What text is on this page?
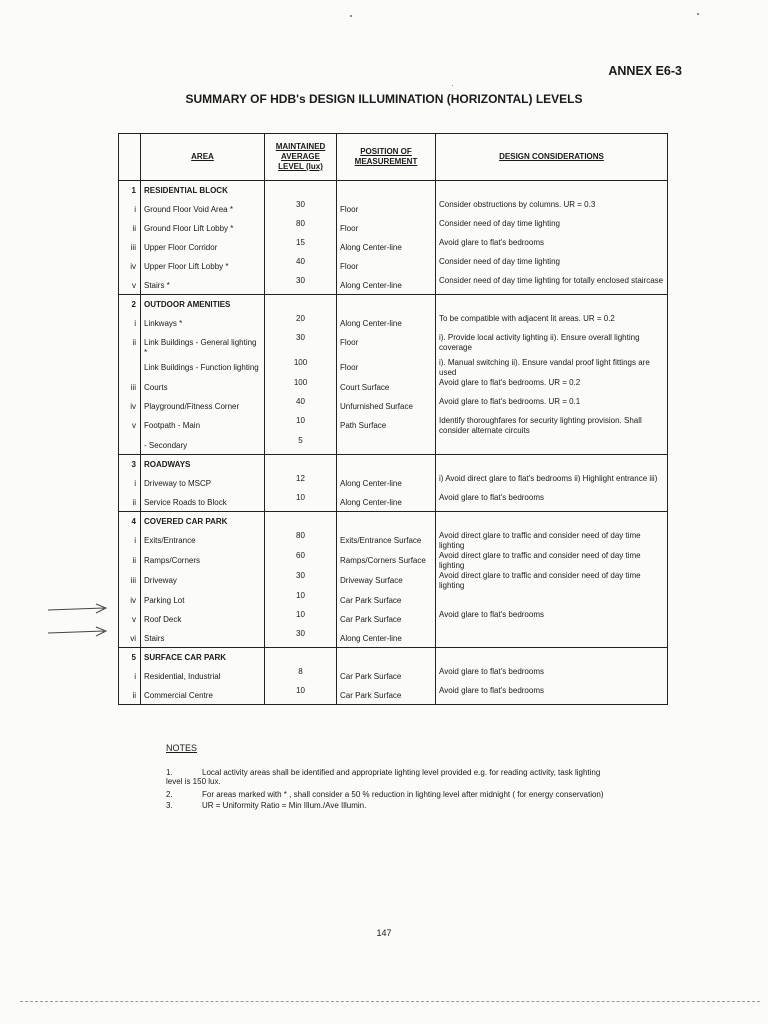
ANNEX E6-3
SUMMARY OF HDB's DESIGN ILLUMINATION (HORIZONTAL) LEVELS
	AREA	MAINTAINED AVERAGE LEVEL (lux)	POSITION OF MEASUREMENT	DESIGN CONSIDERATIONS
1	RESIDENTIAL BLOCK			
i	Ground Floor Void Area *	30	Floor	Consider obstructions by columns. UR = 0.3
ii	Ground Floor Lift Lobby *	80	Floor	Consider need of day time lighting
iii	Upper Floor Corridor	15	Along Center-line	Avoid glare to flat's bedrooms
iv	Upper Floor Lift Lobby *	40	Floor	Consider need of day time lighting
v	Stairs *	30	Along Center-line	Consider need of day time lighting for totally enclosed staircase
2	OUTDOOR AMENITIES			
i	Linkways *	20	Along Center-line	To be compatible with adjacent lit areas. UR = 0.2
ii	Link Buildings - General lighting *	30	Floor	i). Provide local activity lighting ii). Ensure overall lighting coverage
	Link Buildings - Function lighting	100	Floor	i). Manual switching ii). Ensure vandal proof light fittings are used
iii	Courts	100	Court Surface	Avoid glare to flat's bedrooms. UR = 0.2
iv	Playground/Fitness Corner	40	Unfurnished Surface	Avoid glare to flat's bedrooms. UR = 0.1
v	Footpath - Main	10	Path Surface	Identify thoroughfares for security lighting provision. Shall consider alternate circuits
	- Secondary	5		
3	ROADWAYS			
i	Driveway to MSCP	12	Along Center-line	i) Avoid direct glare to flat's bedrooms ii) Highlight entrance iii)
ii	Service Roads to Block	10	Along Center-line	Avoid glare to flat's bedrooms
4	COVERED CAR PARK			
i	Exits/Entrance	80	Exits/Entrance Surface	Avoid direct glare to traffic and consider need of day time lighting
ii	Ramps/Corners	60	Ramps/Corners Surface	Avoid direct glare to traffic and consider need of day time lighting
iii	Driveway	30	Driveway Surface	Avoid direct glare to traffic and consider need of day time lighting
iv	Parking Lot	10	Car Park Surface	
v	Roof Deck	10	Car Park Surface	Avoid glare to flat's bedrooms
vi	Stairs	30	Along Center-line	
5	SURFACE CAR PARK			
i	Residential, Industrial	8	Car Park Surface	Avoid glare to flat's bedrooms
ii	Commercial Centre	10	Car Park Surface	Avoid glare to flat's bedrooms
NOTES
1.	Local activity areas shall be identified and appropriate lighting level provided e.g. for reading activity, task lighting level is 150 lux.
2.	For areas marked with * , shall consider a 50 % reduction in lighting level after midnight ( for energy conservation)
3.	UR = Uniformity Ratio = Min Illum./Ave Illumin.
147
